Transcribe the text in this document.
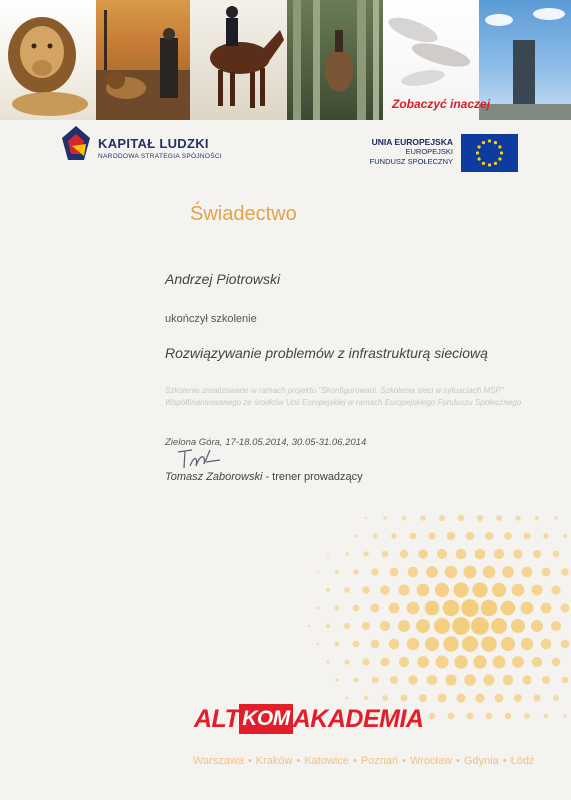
Zobaczyć inaczej
KAPITAŁ LUDZKI
NARODOWA STRATEGIA SPÓJNOŚCI
UNIA EUROPEJSKA
EUROPEJSKI
FUNDUSZ SPOŁECZNY
Świadectwo
Andrzej Piotrowski
ukończył szkolenie
Rozwiązywanie problemów z infrastrukturą sieciową
Szkolenie zrealizowane w ramach projektu "Skonfigurowani. Szkolenia sieci w sytuacjach MSP"
Współfinansowanego ze środków Unii Europejskiej w ramach Europejskiego Funduszu Społecznego
Zielona Góra, 17-18.05.2014, 30.05-31.06.2014
Tomasz Zaborowski - trener prowadzący
ALT KOM AKADEMIA
Warszawa • Kraków • Katowice • Poznań • Wrocław • Gdynia • Łódź
